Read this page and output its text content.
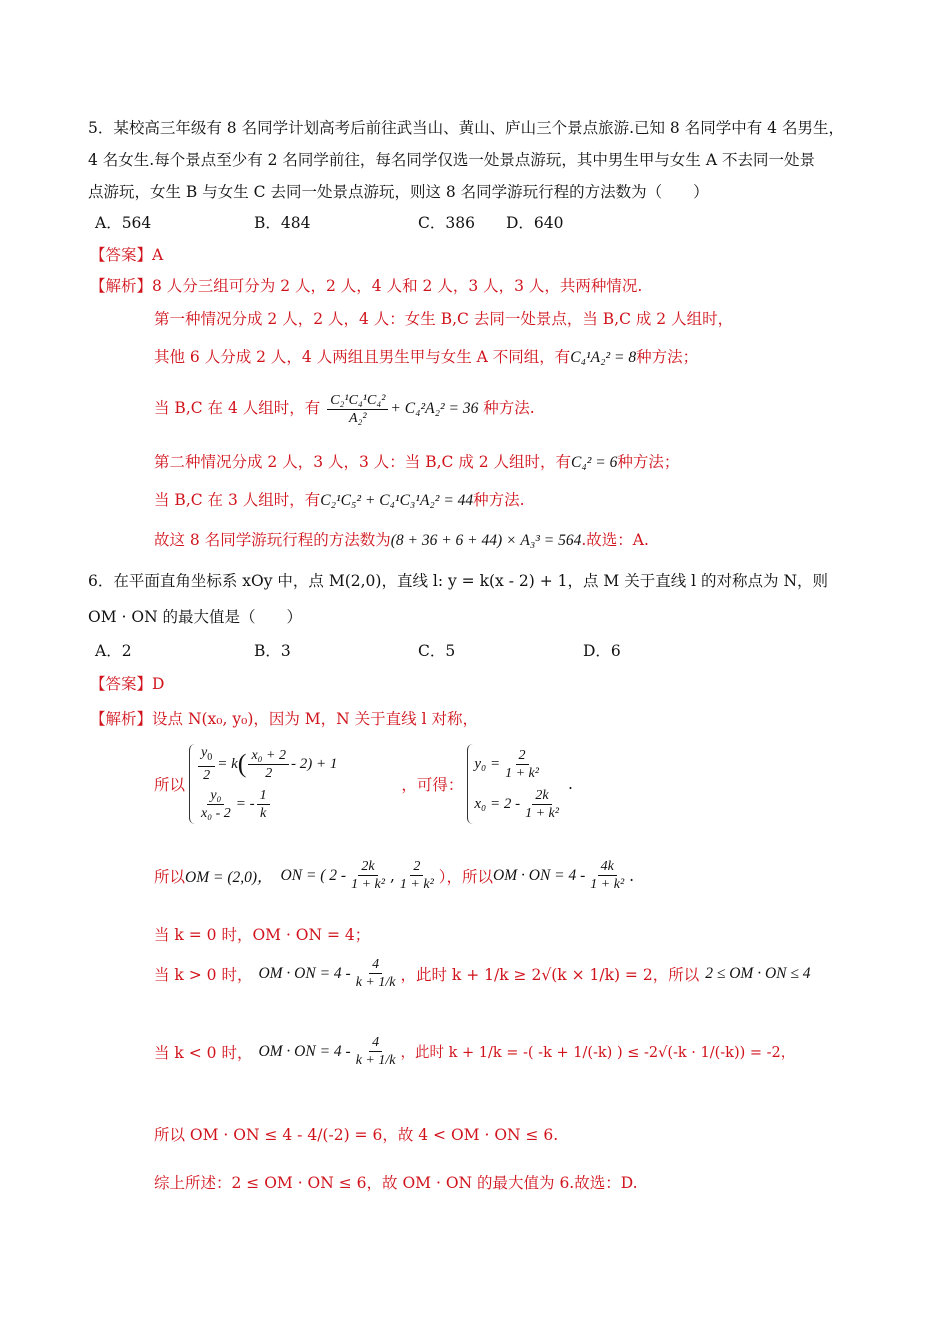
5．某校高三年级有 8 名同学计划高考后前往武当山、黄山、庐山三个景点旅游.已知 8 名同学中有 4 名男生，
4 名女生.每个景点至少有 2 名同学前往，每名同学仅选一处景点游玩，其中男生甲与女生 A 不去同一处景
点游玩，女生 B 与女生 C 去同一处景点游玩，则这 8 名同学游玩行程的方法数为（　　）
A．564	B．484	C．386 D．640
【答案】A
【解析】8 人分三组可分为 2 人，2 人，4 人和 2 人，3 人，3 人，共两种情况.
第一种情况分成 2 人，2 人，4 人：女生 B,C 去同一处景点，当 B,C 成 2 人组时，
其他 6 人分成 2 人，4 人两组且男生甲与女生 A 不同组，有C₄¹A₂² = 8种方法；
当 B,C 在 4 人组时，有 $\frac{\text{C₂¹C₄¹C₄²}}{\text{A₂²}} + C_4^2A_2^2 = 36$ 种方法.
第二种情况分成 2 人，3 人，3 人：当 B,C 成 2 人组时，有C₄² = 6种方法；
当 B,C 在 3 人组时，有C₂¹C₅² + C₄¹C₃¹A₂² = 44种方法.
故这 8 名同学游玩行程的方法数为(8 + 36 + 6 + 44) × A₃³ = 564.故选：A.
6．在平面直角坐标系 xOy 中，点 M(2,0)，直线 l: y = k(x - 2) + 1，点 M 关于直线 l 的对称点为 N，则
OM · ON 的最大值是（　　）
A．2	B．3	C．5	D．6
【答案】D
【解析】设点 N(x₀, y₀)，因为 M，N 关于直线 l 对称，
所以
$\frac{y_0}{2} = k$ ( $\frac{\text{x₀ + 2}}{2} - 2) + 1$
$\frac{\text{y₀}}{\text{x₀ - 2}}$ = - $\frac{1}{k}$
，可得：
$y_0 = \frac{2}{\text{1 + k²}}$
$x_0 = 2 - \frac{2k}{\text{1 + k²}}$
.
所以 OM = (2,0)， ON = ( $2 - \frac{2k}{\text{1 + k²}}$ , $\frac{2}{\text{1 + k²}}$ ），所以 OM · ON = $4 - \frac{4k}{\text{1 + k²}}$ .
当 k = 0 时，OM · ON = 4；
当 k > 0 时， OM · ON = $4 - \frac{4}{k + 1/k}$ ，此时 k + 1/k ≥ 2√(k × 1/k) = 2，所以 2 ≤ OM · ON ≤ 4
当 k < 0 时， OM · ON = $4 - \frac{4}{k + 1/k}$ ，此时 k + 1/k = -( -k + 1/(-k) ) ≤ -2√(-k · 1/(-k)) = -2，
所以 OM · ON ≤ 4 - 4/(-2) = 6，故 4 < OM · ON ≤ 6.
综上所述：2 ≤ OM · ON ≤ 6，故 OM · ON 的最大值为 6.故选：D.
